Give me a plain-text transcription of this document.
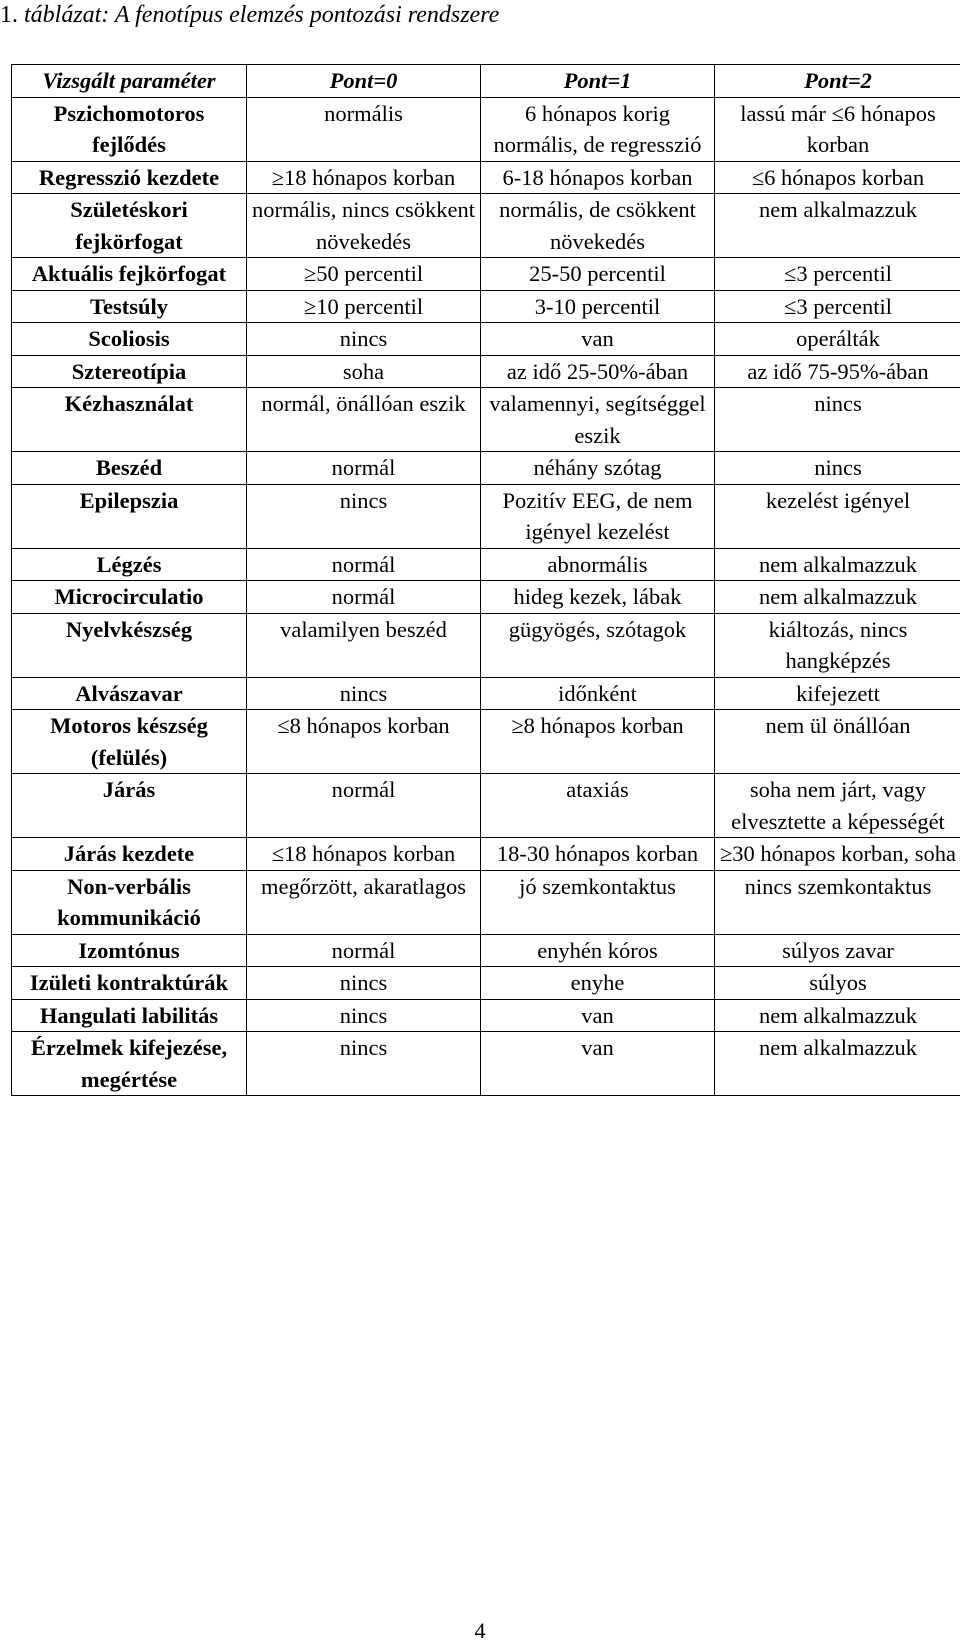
1. táblázat: A fenotípus elemzés pontozási rendszere
Vizsgált paraméter	Pont=0	Pont=1	Pont=2
Pszichomotoros fejlődés	normális	6 hónapos korig normális, de regresszió	lassú már ≤6 hónapos korban
Regresszió kezdete	≥18 hónapos korban	6-18 hónapos korban	≤6 hónapos korban
Születéskori fejkörfogat	normális, nincs csökkent növekedés	normális, de csökkent növekedés	nem alkalmazzuk
Aktuális fejkörfogat	≥50 percentil	25-50 percentil	≤3 percentil
Testsúly	≥10 percentil	3-10 percentil	≤3 percentil
Scoliosis	nincs	van	operálták
Sztereotípia	soha	az idő 25-50%-ában	az idő 75-95%-ában
Kézhasználat	normál, önállóan eszik	valamennyi, segítséggel eszik	nincs
Beszéd	normál	néhány szótag	nincs
Epilepszia	nincs	Pozitív EEG, de nem igényel kezelést	kezelést igényel
Légzés	normál	abnormális	nem alkalmazzuk
Microcirculatio	normál	hideg kezek, lábak	nem alkalmazzuk
Nyelvkészség	valamilyen beszéd	gügyögés, szótagok	kiáltozás, nincs hangképzés
Alvászavar	nincs	időnként	kifejezett
Motoros készség (felülés)	≤8 hónapos korban	≥8 hónapos korban	nem ül önállóan
Járás	normál	ataxiás	soha nem járt, vagy elvesztette a képességét
Járás kezdete	≤18 hónapos korban	18-30 hónapos korban	≥30 hónapos korban, soha
Non-verbális kommunikáció	megőrzött, akaratlagos	jó szemkontaktus	nincs szemkontaktus
Izomtónus	normál	enyhén kóros	súlyos zavar
Izületi kontraktúrák	nincs	enyhe	súlyos
Hangulati labilitás	nincs	van	nem alkalmazzuk
Érzelmek kifejezése, megértése	nincs	van	nem alkalmazzuk
4
